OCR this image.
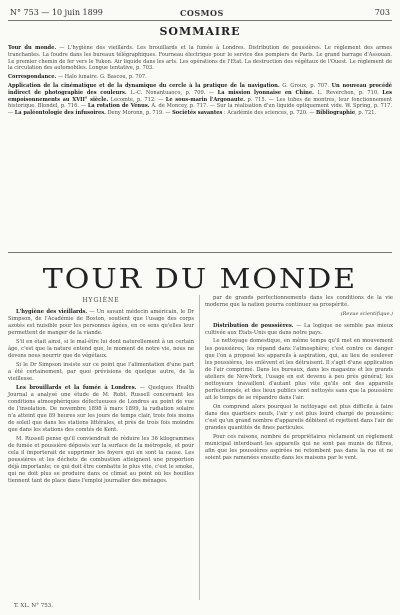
N° 753 — 10 juin 1899	COSMOS	703
SOMMAIRE

Tour du monde. — L'hygiène des vieillards. Les brouillards et la fumée à Londres. Distribution de poussières. Le règlement des armes tranchantes. La foudre dans les bureaux télégraphiques. Fourneau électrique pour le service des pompiers de Paris. Le grand barrage d'Assouan. Le premier chemin de fer vers le Yukon. Air liquide dans les arts. Les opérations de l'Etat. La destruction des végétaux de l'Ouest. Le règlement de la circulation des automobiles. Longue tentative, p. 703.

Correspondance. — Halo lunaire. G. Bascou, p. 707.

Application de la cinématique et de la dynamique du cercle à la pratique de la navigation. G. Groux, p. 707. Un nouveau procédé indirect de photographie des couleurs. L.-C. Nonantuaoco, p. 709. — La mission lyonnaise en Chine. L. Reverchon, p. 710. Les empoisonnements au XVII° siècle. Lecomte, p. 712. — Le sous-marin l'Argonaute. p. 715. — Les tubes de montres, leur fonctionnement historique. Blondel, p. 716. — La rotation de Vénus. A. de Moncey, p. 717. — Sur la réalisation d'un liquide optiquement vide. W. Spring, p. 717. — La paléontologie des infusoires. Deny Moronn, p. 719. — Sociétés savantes : Académie des sciences, p. 720. — Bibliographie, p. 721.

TOUR DU MONDE
HYGIÈNE

L'hygiène des vieillards. — Un savant médecin américain, le Dr Simpson, de l'Académie de Boston, soutient que l'usage des corps azotés est nuisible pour les personnes âgées, en ce sens qu'elles leur permettent de manger de la viande.

S'il en était ainsi, si le mal-être lui dont naturellement à un certain âge, c'est que la nature entend que, le moment de notre vie, nous ne devons nous nourrir que de végétaux.

Si le Dr Simpson insiste sur ce point que l'alimentation d'une part a été certainement, par quoi prévisions de quelque autre, de la vieillesse.

Les brouillards et la fumée à Londres. — Quelques Health Journal a analysé une étude de M. Robt. Russell concernant les conditions atmosphériques défectueuses de Londres au point de vue de l'insolation. De novembre 1898 à mars 1899, la radiation solaire n'a atteint que 89 heures sur les jours de temps clair, trois fois moins de soleil que dans les stations littérales, et près de trois fois moindre que dans les stations des comtés de Kent.

M. Russell pense qu'il conviendrait de réduire les 36 kilogrammes de fumée et poussière déposés sur la surface de la métropole, et pour cela il importerait de supprimer les foyers qui en sont la cause. Les poussières et les déchets de combustion atteignent une proportion déjà importante; ce qui doit être combattu le plus vite, c'est le smoke, qui ne doit plus se produire dans ce climat au point où les houilles tiennent tant de place dans l'emploi journalier des ménages.

par de grands perfectionnements dans les conditions de la vie moderne que la nation pourra continuer sa prospérité.

(Revue scientifique.)

Distribution de poussières. — La logique ne semble pas mieux cultivée aux Etats-Unis que dans notre pays.

Le nettoyage domestique, en même temps qu'il met en mouvement les poussières, les répand dans l'atmosphère; c'est contre ce danger que l'on a proposé les appareils à aspiration, qui, au lieu de soulever les poussières, les enlèvent et les détruisent. Il s'agit d'une application de l'air comprimé. Dans les bureaux, dans les magasins et les grands ateliers de New-York, l'usage en est devenu à peu près général; les nettoyeurs travaillent d'autant plus vite qu'ils ont des appareils perfectionnés, et des lieux publics sont nettoyés sans que la poussière ait le temps de se répandre dans l'air.

On comprend alors pourquoi le nettoyage est plus difficile à faire dans des quartiers neufs, l'air y est plus lourd chargé de poussière; c'est qu'un grand nombre d'appareils débitent et rejettent dans l'air de grandes quantités de fines particules.

Pour ces raisons, nombre de propriétaires réclament un règlement municipal interdisant les appareils qui ne sont pas munis de filtres, afin que les poussières aspirées ne retombent pas dans la rue et ne soient pas ramenées ensuite dans les maisons par le vent.

T. XL. N° 753.
